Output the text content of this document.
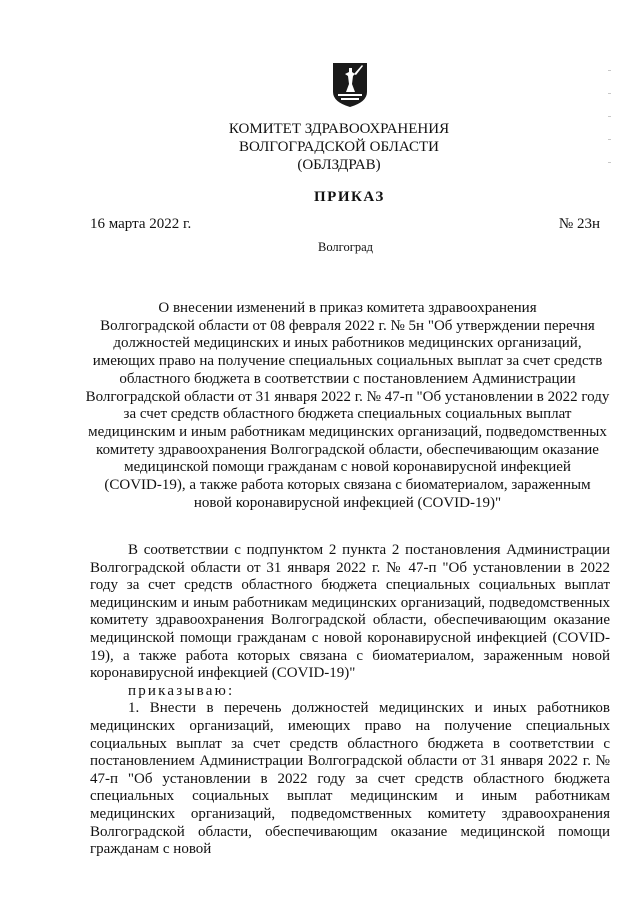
КОМИТЕТ ЗДРАВООХРАНЕНИЯ
ВОЛГОГРАДСКОЙ ОБЛАСТИ
(ОБЛЗДРАВ)
ПРИКАЗ
16 марта 2022 г.	№ 23н
Волгоград
О внесении изменений в приказ комитета здравоохранения
Волгоградской области от 08 февраля 2022 г. № 5н "Об утверждении перечня
должностей медицинских и иных работников медицинских организаций,
имеющих право на получение специальных социальных выплат за счет средств
областного бюджета в соответствии с постановлением Администрации
Волгоградской области от 31 января 2022 г. № 47-п "Об установлении в 2022 году
за счет средств областного бюджета специальных социальных выплат
медицинским и иным работникам медицинских организаций, подведомственных
комитету здравоохранения Волгоградской области, обеспечивающим оказание
медицинской помощи гражданам с новой коронавирусной инфекцией
(COVID-19), а также работа которых связана с биоматериалом, зараженным
новой коронавирусной инфекцией (COVID-19)"

В соответствии с подпунктом 2 пункта 2 постановления Администрации Волгоградской области от 31 января 2022 г. № 47-п "Об установлении в 2022 году за счет средств областного бюджета специальных социальных выплат медицинским и иным работникам медицинских организаций, подведомственных комитету здравоохранения Волгоградской области, обеспечивающим оказание медицинской помощи гражданам с новой коронавирусной инфекцией (COVID-19), а также работа которых связана с биоматериалом, зараженным новой коронавирусной инфекцией (COVID-19)"

приказываю:

1. Внести в перечень должностей медицинских и иных работников медицинских организаций, имеющих право на получение специальных социальных выплат за счет средств областного бюджета в соответствии с постановлением Администрации Волгоградской области от 31 января 2022 г. № 47-п "Об установлении в 2022 году за счет средств областного бюджета специальных социальных выплат медицинским и иным работникам медицинских организаций, подведомственных комитету здравоохранения Волгоградской области, обеспечивающим оказание медицинской помощи гражданам с новой
